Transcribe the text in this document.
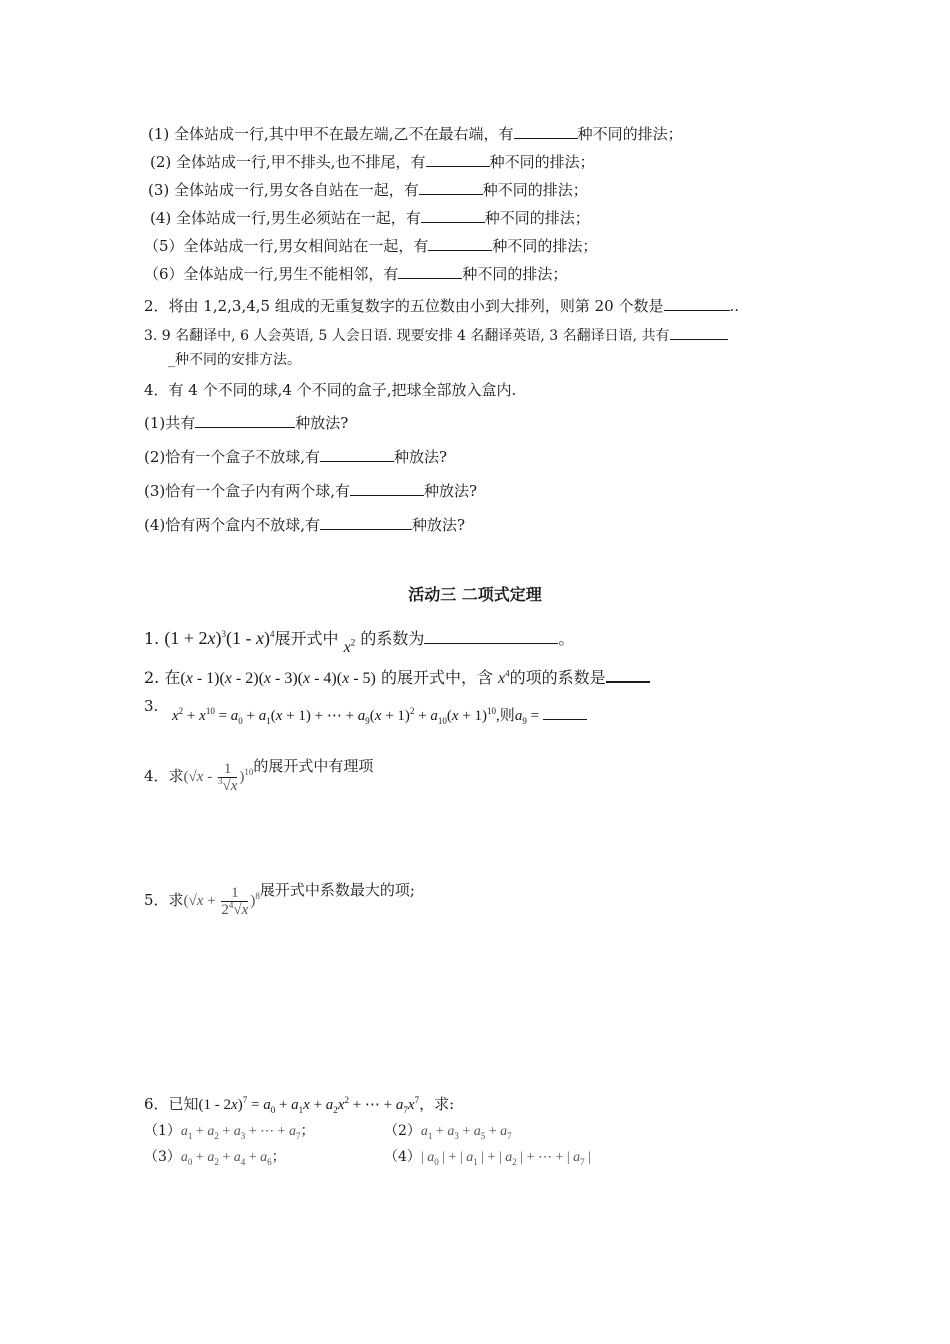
(1) 全体站成一行,其中甲不在最左端,乙不在最右端，有	种不同的排法；
(2) 全体站成一行,甲不排头,也不排尾，有	种不同的排法；
(3) 全体站成一行,男女各自站在一起，有	种不同的排法；
(4) 全体站成一行,男生必须站在一起，有	种不同的排法；
（5）全体站成一行,男女相间站在一起，有	种不同的排法；
（6）全体站成一行,男生不能相邻，有	种不同的排法；
2．将由 1,2,3,4,5 组成的无重复数字的五位数由小到大排列，则第 20 个数是	..
3. 9 名翻译中, 6 人会英语, 5 人会日语. 现要安排 4 名翻译英语, 3 名翻译日语, 共有
_种不同的安排方法。
4．有 4 个不同的球,4 个不同的盒子,把球全部放入盒内.
(1)共有	种放法?
(2)恰有一个盒子不放球,有	种放法?
(3)恰有一个盒子内有两个球,有	种放法?
(4)恰有两个盒内不放球,有	种放法?
活动三 二项式定理
1. $(1 + 2x)^3(1 - x)^4$展开式中 $x^2$ 的系数为	。
2. 在(x - 1)(x - 2)(x - 3)(x - 4)(x - 5) 的展开式中，含 $x^4$的项的系数是
3.
$x^2 + x^{10} = a_0 + a_1(x + 1)$ + ⋯ + $a_9(x + 1)^2 + a_{10}(x + 1)^{10}$,则$a_9$ =
4．求$(√x - \frac{1}{^3√x} )^{10}$的展开式中有理项
5．求$(√x + \frac{1}{2^4√x} )^8$展开式中系数最大的项;
6．已知$(1 - 2x)^7 = a_0 + a_1x + a_2x^2$ + ⋯ + $a_7x^7$，求:
$(1)a_1 + a_2 + a_3$ + ⋯ + $a_7$；	$(2)a_1 + a_3 + a_5 + a_7$
$(3)a_0 + a_2 + a_4 + a_6$；	（4）| $a_0$ | + | $a_1$ | + | $a_2$ | + ⋯ + | $a_7$ |
